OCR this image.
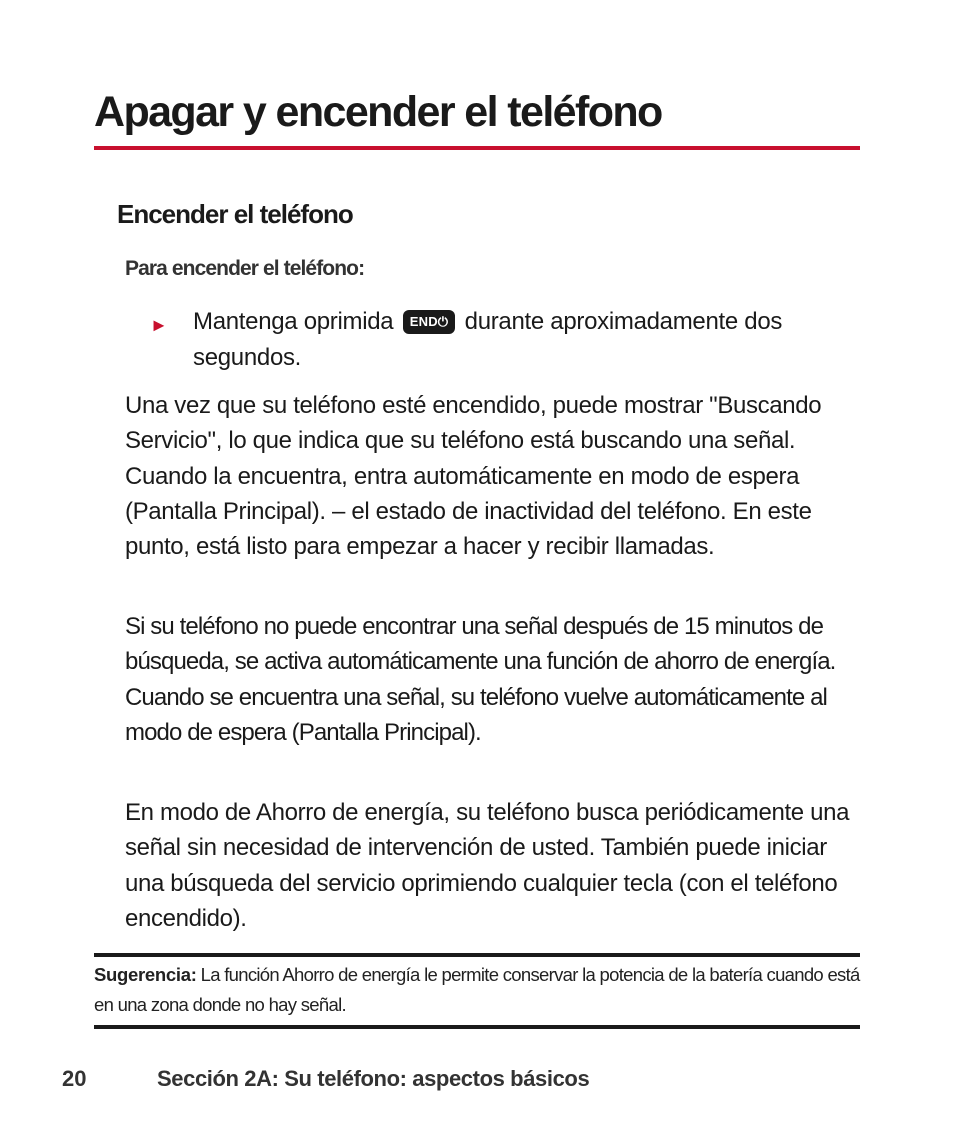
Apagar y encender el teléfono
Encender el teléfono
Para encender el teléfono:
► Mantenga oprimida END⏻ durante aproximadamente dos segundos.

Una vez que su teléfono esté encendido, puede mostrar "Buscando Servicio", lo que indica que su teléfono está buscando una señal. Cuando la encuentra, entra automáticamente en modo de espera (Pantalla Principal). – el estado de inactividad del teléfono. En este punto, está listo para empezar a hacer y recibir llamadas.

Si su teléfono no puede encontrar una señal después de 15 minutos de búsqueda, se activa automáticamente una función de ahorro de energía. Cuando se encuentra una señal, su teléfono vuelve automáticamente al modo de espera (Pantalla Principal).

En modo de Ahorro de energía, su teléfono busca periódicamente una señal sin necesidad de intervención de usted. También puede iniciar una búsqueda del servicio oprimiendo cualquier tecla (con el teléfono encendido).

Sugerencia: La función Ahorro de energía le permite conservar la potencia de la batería cuando está en una zona donde no hay señal.

20	Sección 2A: Su teléfono: aspectos básicos
